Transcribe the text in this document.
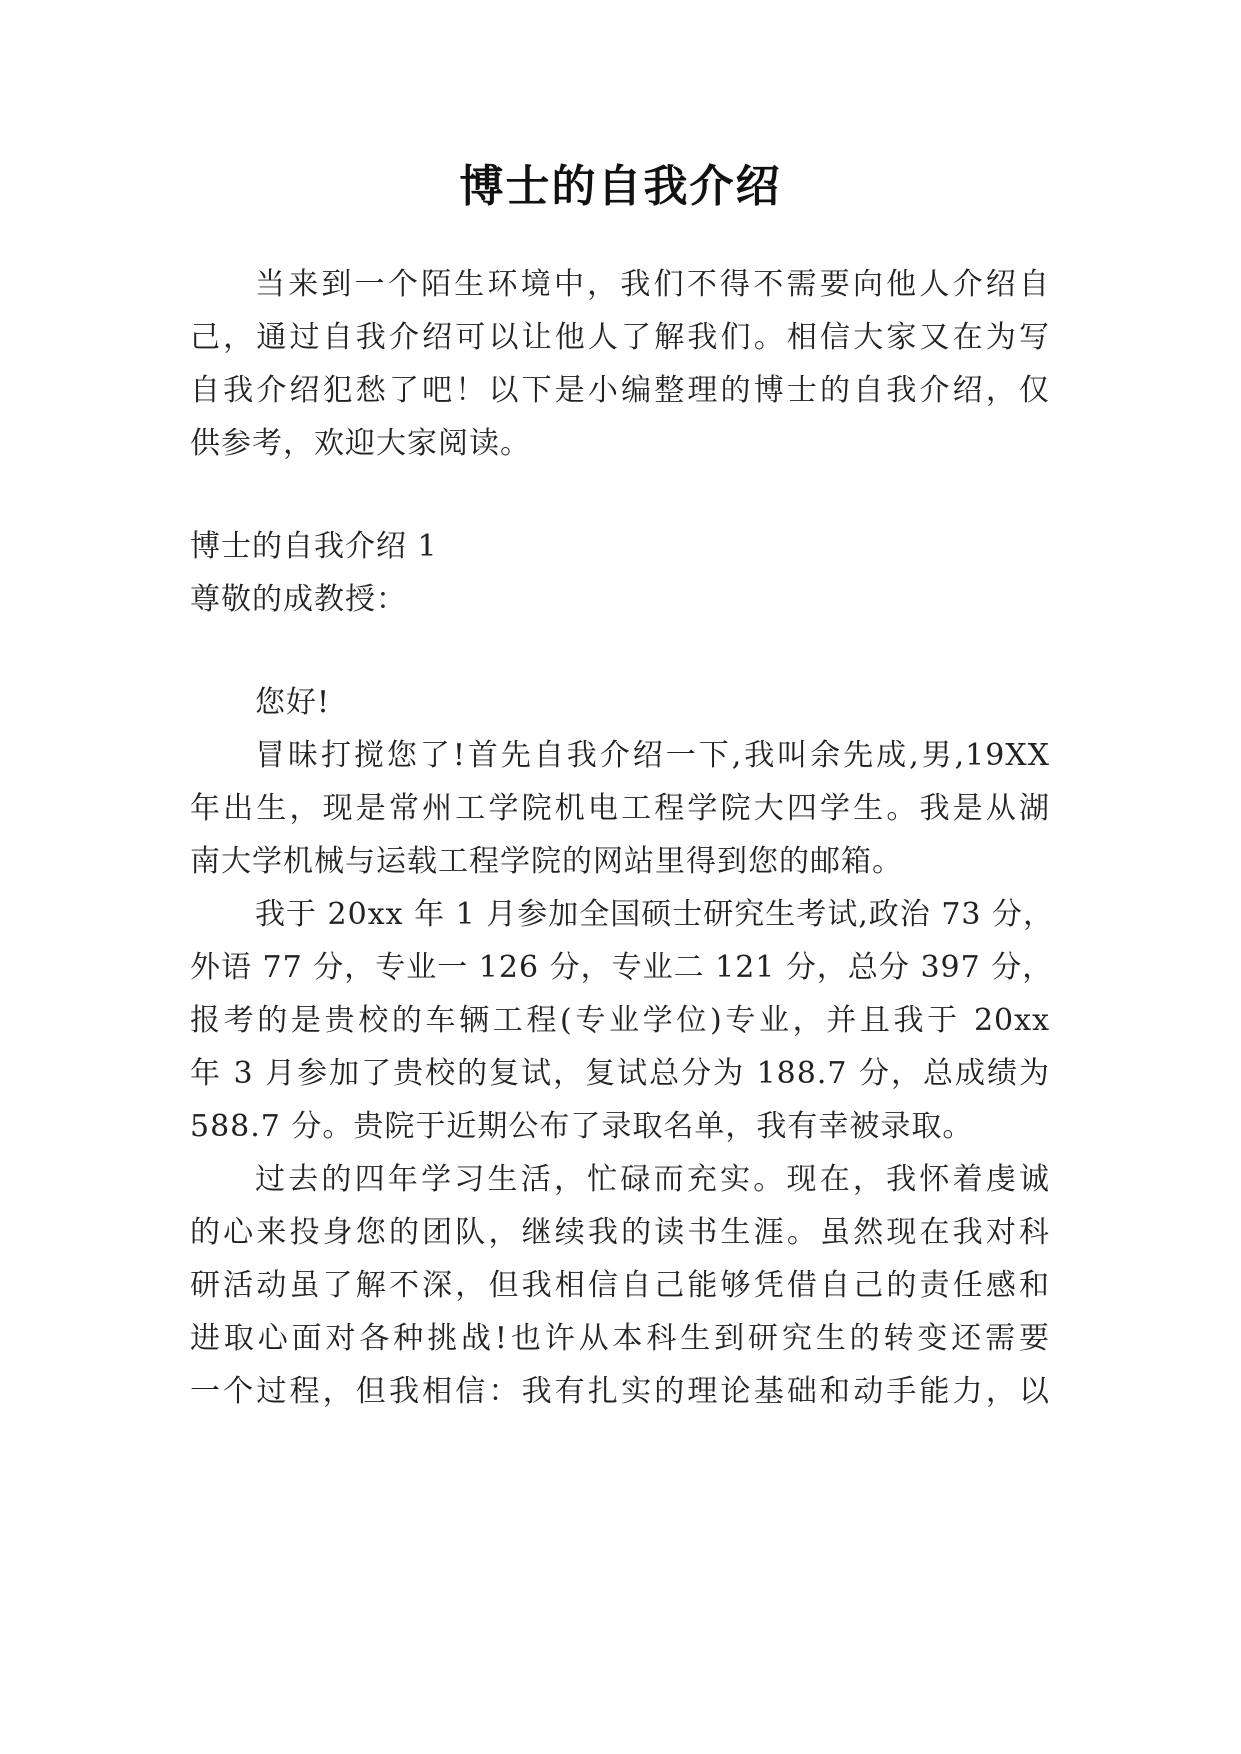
博士的自我介绍
当来到一个陌生环境中，我们不得不需要向他人介绍自
己，通过自我介绍可以让他人了解我们。相信大家又在为写
自我介绍犯愁了吧！以下是小编整理的博士的自我介绍，仅
供参考，欢迎大家阅读。
博士的自我介绍 1
尊敬的成教授：
您好!
冒昧打搅您了!首先自我介绍一下,我叫余先成,男,19XX
年出生，现是常州工学院机电工程学院大四学生。我是从湖
南大学机械与运载工程学院的网站里得到您的邮箱。
我于 20xx 年 1 月参加全国硕士研究生考试,政治 73 分，
外语 77 分，专业一 126 分，专业二 121 分，总分 397 分，
报考的是贵校的车辆工程(专业学位)专业，并且我于 20xx
年 3 月参加了贵校的复试，复试总分为 188.7 分，总成绩为
588.7 分。贵院于近期公布了录取名单，我有幸被录取。
过去的四年学习生活，忙碌而充实。现在，我怀着虔诚
的心来投身您的团队，继续我的读书生涯。虽然现在我对科
研活动虽了解不深，但我相信自己能够凭借自己的责任感和
进取心面对各种挑战!也许从本科生到研究生的转变还需要
一个过程，但我相信：我有扎实的理论基础和动手能力，以
